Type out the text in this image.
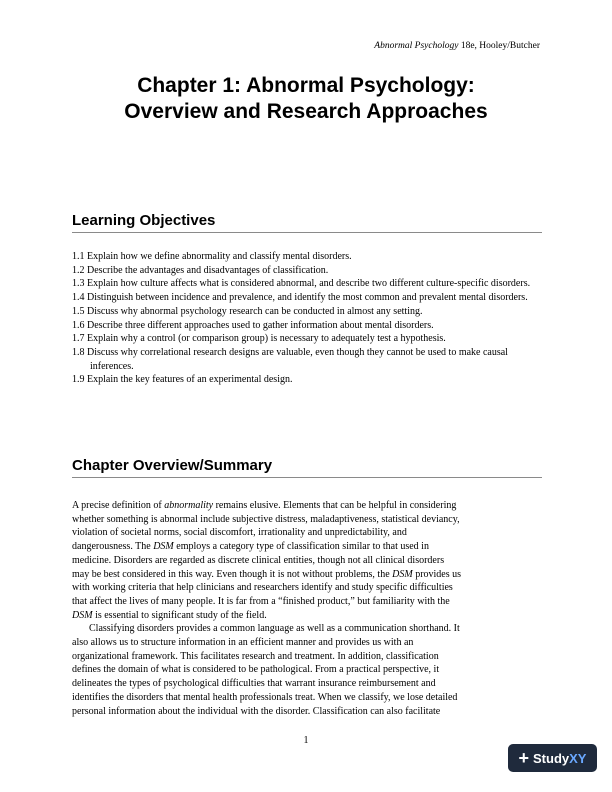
Abnormal Psychology 18e, Hooley/Butcher
Chapter 1: Abnormal Psychology:
Overview and Research Approaches
Learning Objectives
1.1 Explain how we define abnormality and classify mental disorders.
1.2 Describe the advantages and disadvantages of classification.
1.3 Explain how culture affects what is considered abnormal, and describe two different culture-specific disorders.
1.4 Distinguish between incidence and prevalence, and identify the most common and prevalent mental disorders.
1.5 Discuss why abnormal psychology research can be conducted in almost any setting.
1.6 Describe three different approaches used to gather information about mental disorders.
1.7 Explain why a control (or comparison group) is necessary to adequately test a hypothesis.
1.8 Discuss why correlational research designs are valuable, even though they cannot be used to make causal inferences.
1.9 Explain the key features of an experimental design.
Chapter Overview/Summary
A precise definition of abnormality remains elusive. Elements that can be helpful in considering
whether something is abnormal include subjective distress, maladaptiveness, statistical deviancy,
violation of societal norms, social discomfort, irrationality and unpredictability, and
dangerousness. The DSM employs a category type of classification similar to that used in
medicine. Disorders are regarded as discrete clinical entities, though not all clinical disorders
may be best considered in this way. Even though it is not without problems, the DSM provides us
with working criteria that help clinicians and researchers identify and study specific difficulties
that affect the lives of many people. It is far from a “finished product,” but familiarity with the
DSM is essential to significant study of the field.
Classifying disorders provides a common language as well as a communication shorthand. It
also allows us to structure information in an efficient manner and provides us with an
organizational framework. This facilitates research and treatment. In addition, classification
defines the domain of what is considered to be pathological. From a practical perspective, it
delineates the types of psychological difficulties that warrant insurance reimbursement and
identifies the disorders that mental health professionals treat. When we classify, we lose detailed
personal information about the individual with the disorder. Classification can also facilitate
1
+ StudyXY
